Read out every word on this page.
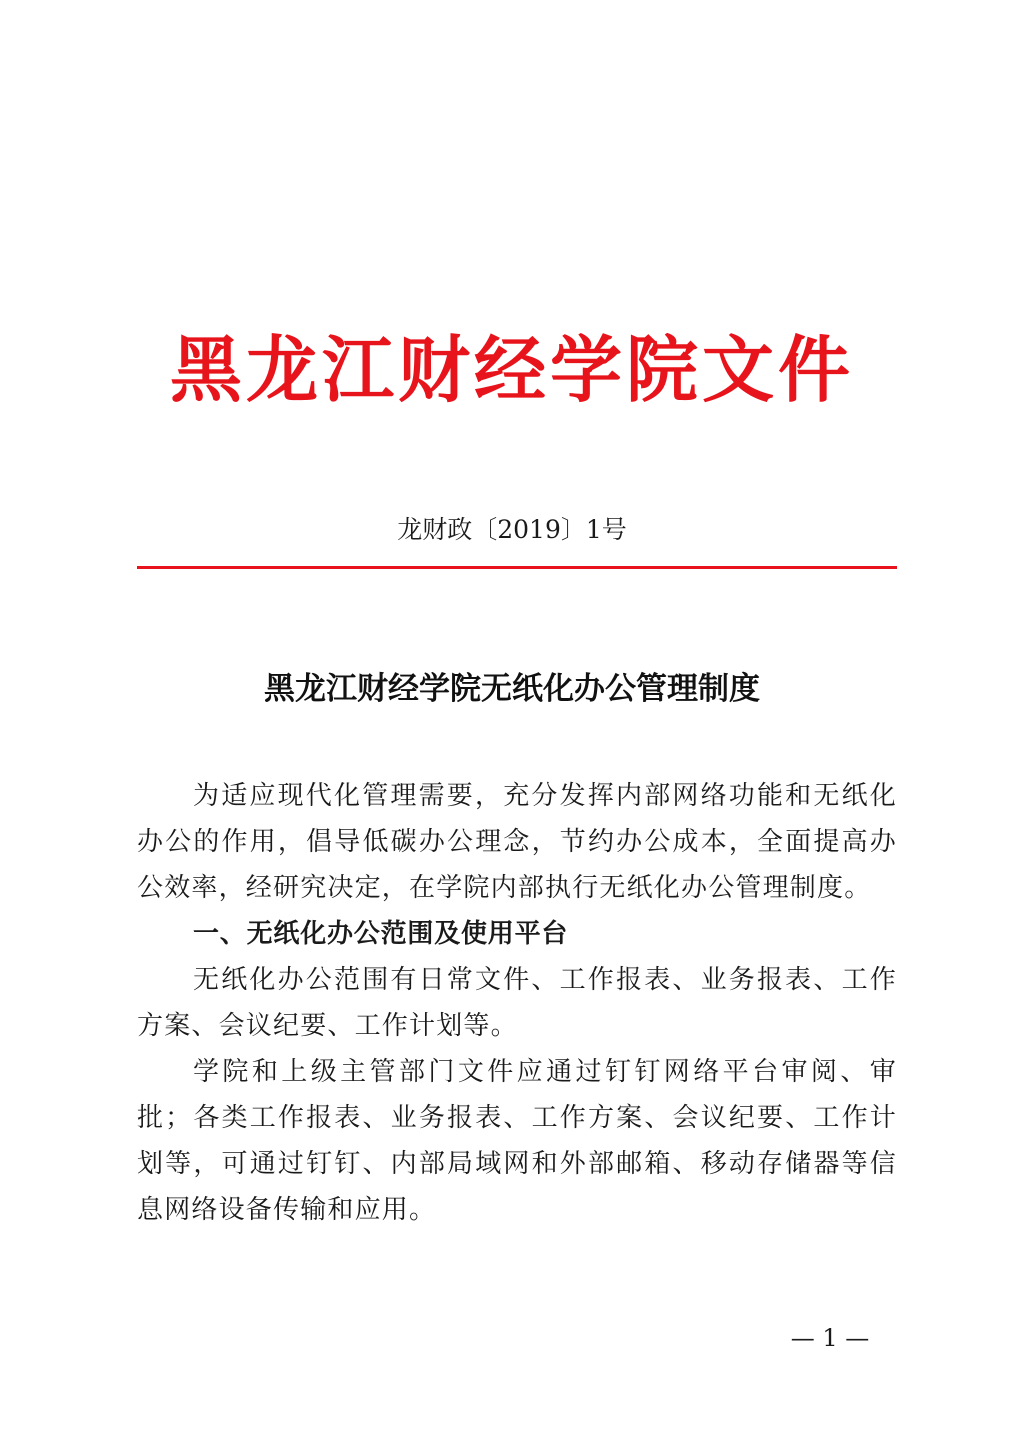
黑龙江财经学院文件
龙财政〔2019〕1号
黑龙江财经学院无纸化办公管理制度

为适应现代化管理需要，充分发挥内部网络功能和无纸化办公的作用，倡导低碳办公理念，节约办公成本，全面提高办公效率，经研究决定，在学院内部执行无纸化办公管理制度。

一、无纸化办公范围及使用平台

无纸化办公范围有日常文件、工作报表、业务报表、工作方案、会议纪要、工作计划等。

学院和上级主管部门文件应通过钉钉网络平台审阅、审批；各类工作报表、业务报表、工作方案、会议纪要、工作计划等，可通过钉钉、内部局域网和外部邮箱、移动存储器等信息网络设备传输和应用。

— 1 —
